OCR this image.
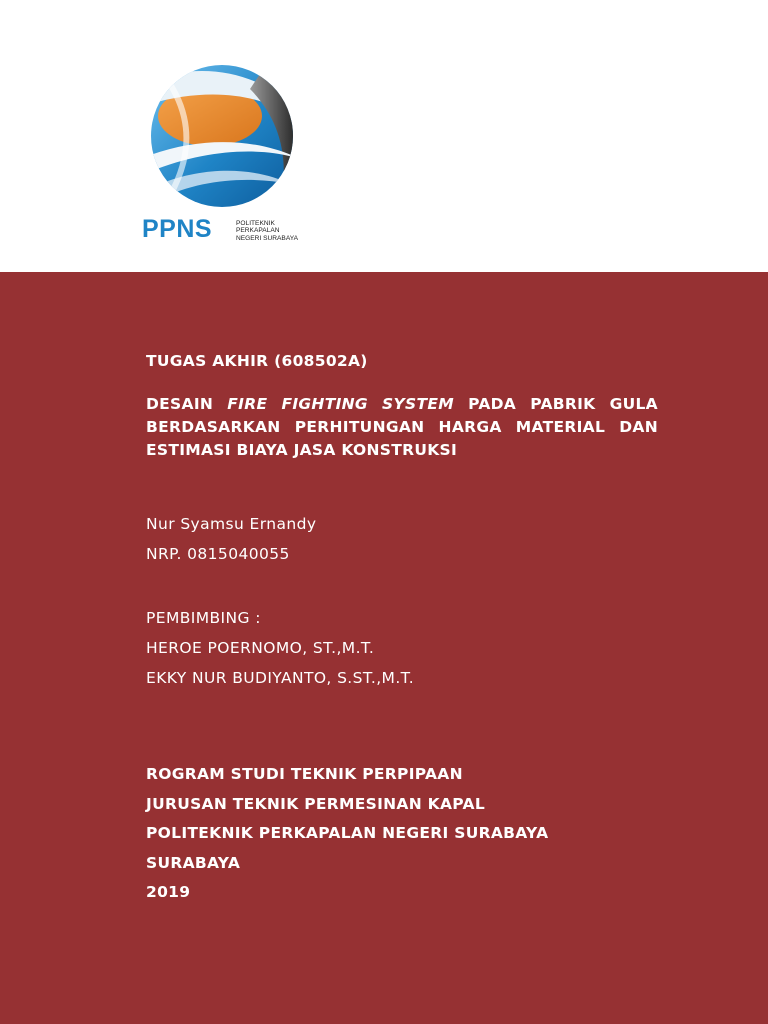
PPNS	POLITEKNIK
PERKAPALAN
NEGERI SURABAYA
TUGAS AKHIR (608502A)
DESAIN FIRE FIGHTING SYSTEM PADA PABRIK GULA BERDASARKAN PERHITUNGAN HARGA MATERIAL DAN ESTIMASI BIAYA JASA KONSTRUKSI
Nur Syamsu Ernandy
NRP. 0815040055
PEMBIMBING :
HEROE POERNOMO, ST.,M.T.
EKKY NUR BUDIYANTO, S.ST.,M.T.
ROGRAM STUDI TEKNIK PERPIPAAN
JURUSAN TEKNIK PERMESINAN KAPAL
POLITEKNIK PERKAPALAN NEGERI SURABAYA
SURABAYA
2019
